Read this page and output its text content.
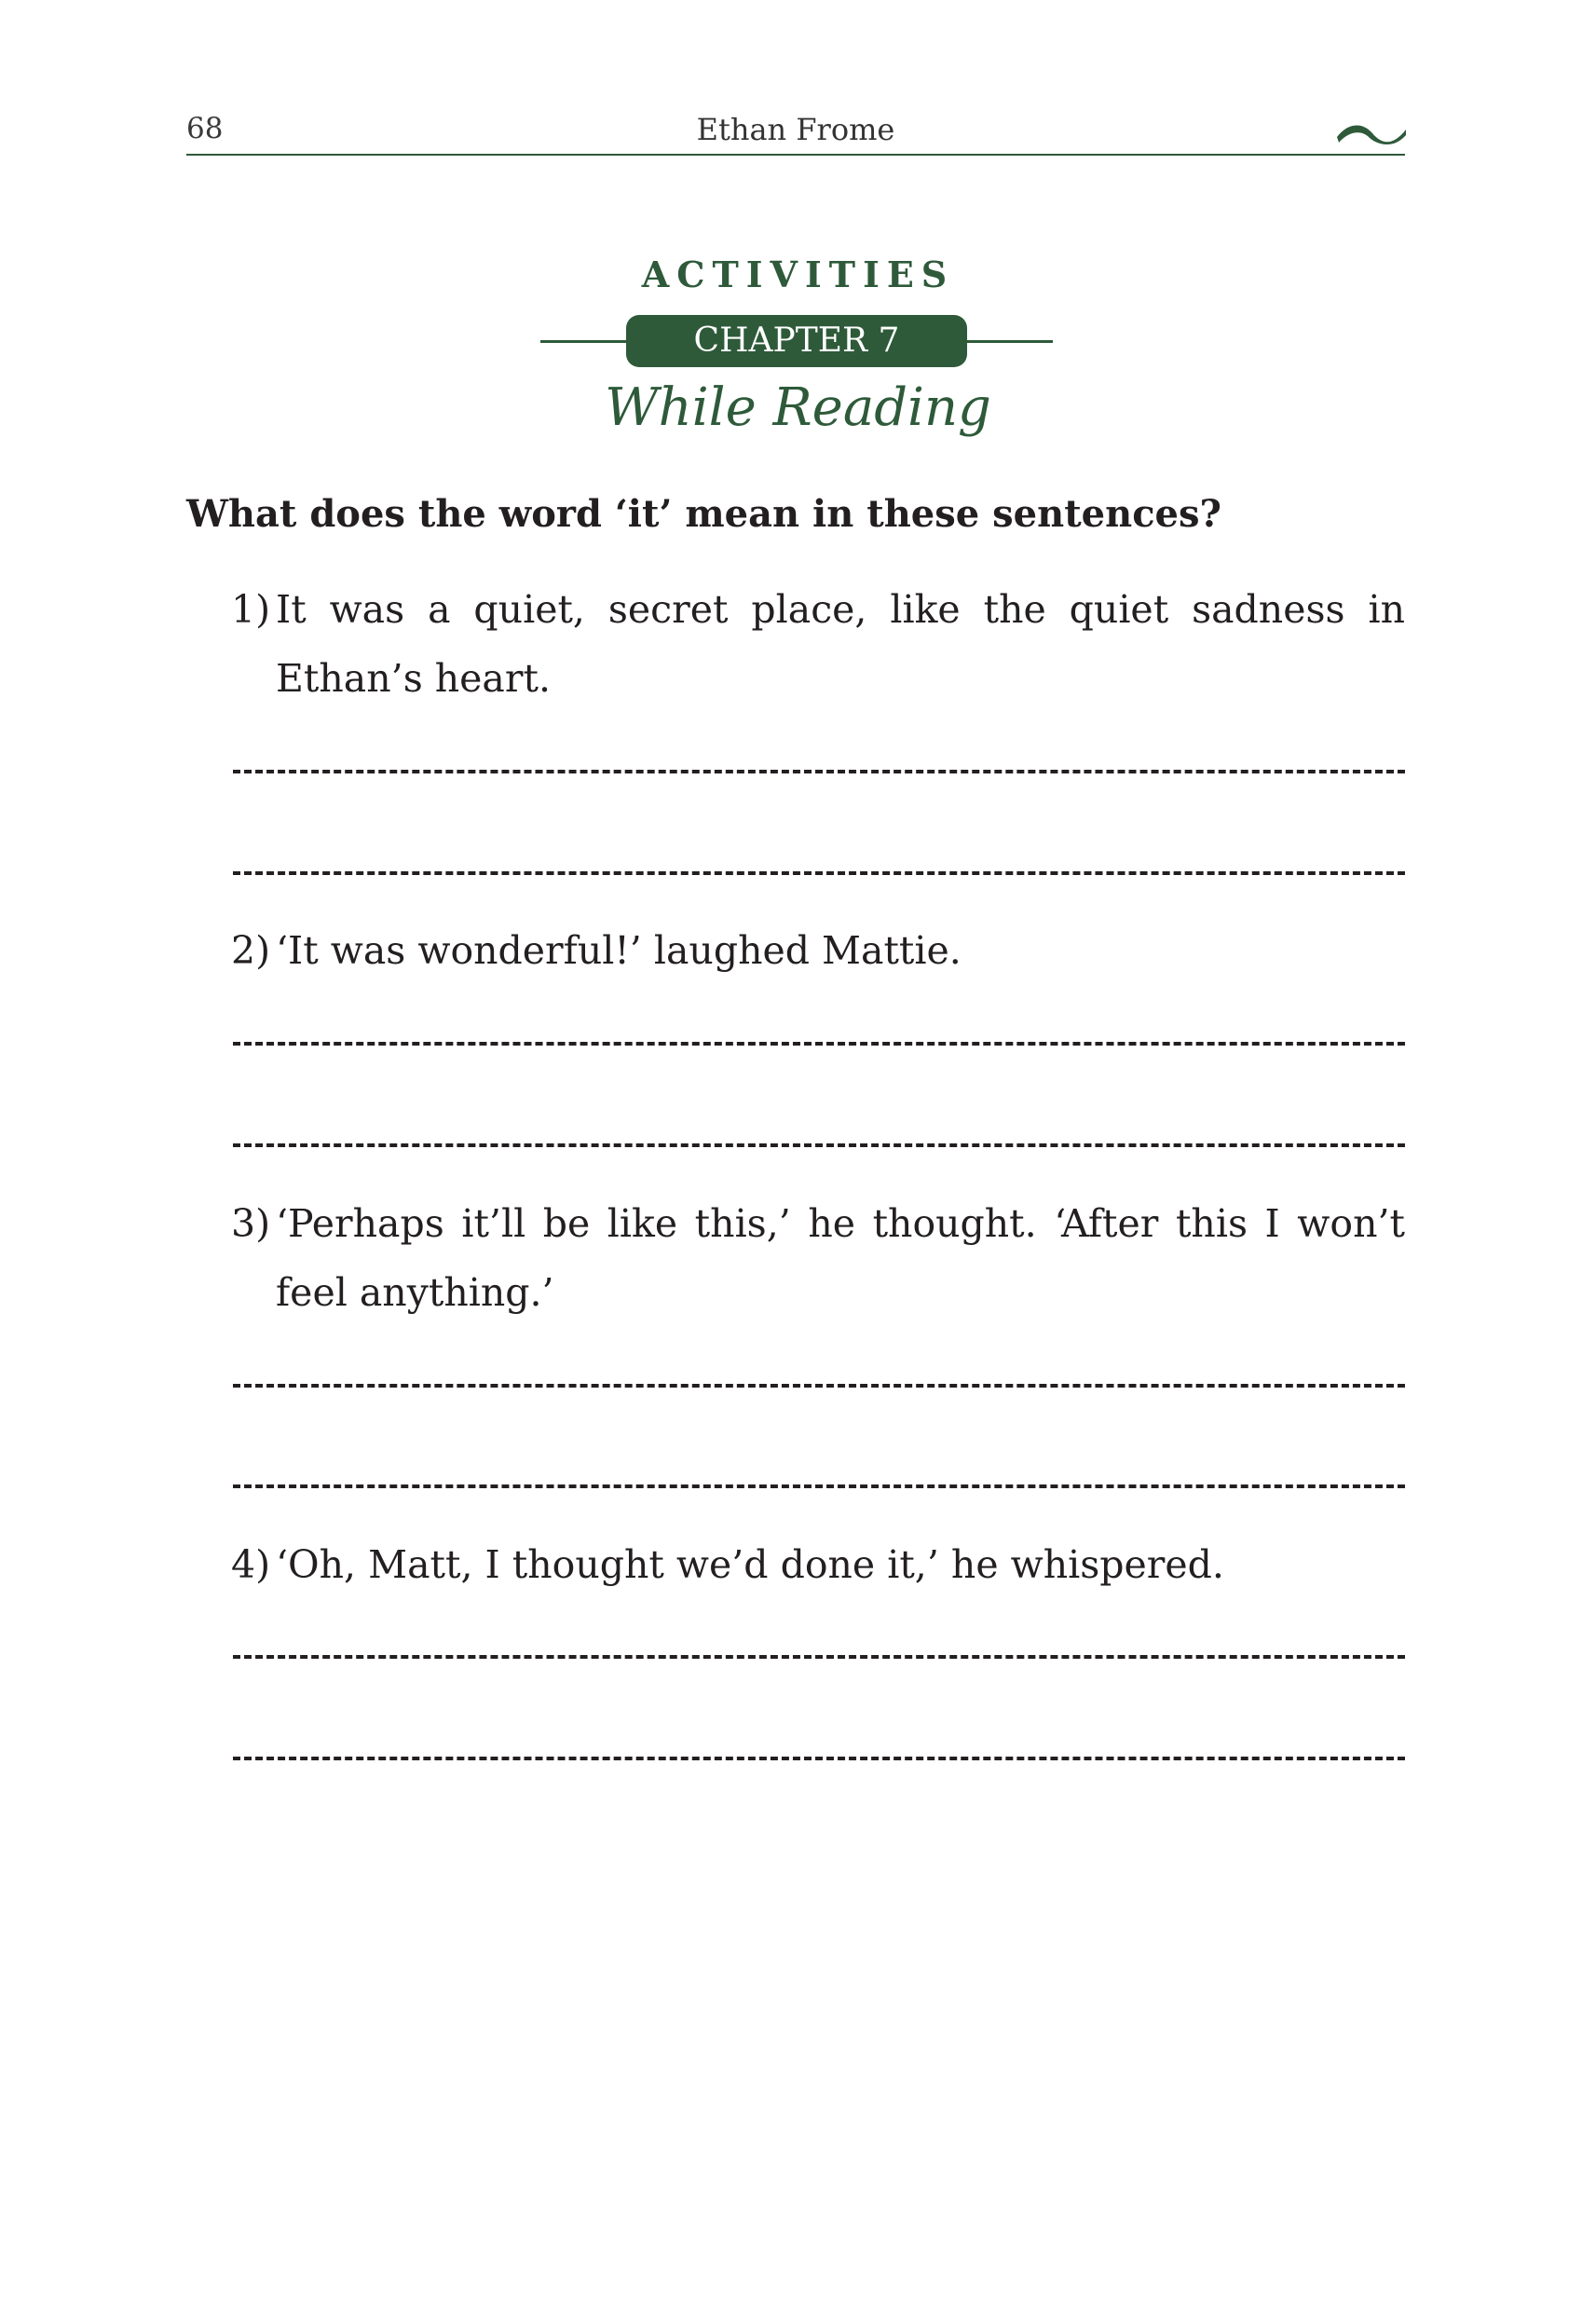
68	Ethan Frome
ACTIVITIES
CHAPTER 7
While Reading
What does the word ‘it’ mean in these sentences?
1) It was a quiet, secret place, like the quiet sadness in Ethan’s heart.
2) ‘It was wonderful!’ laughed Mattie.
3) ‘Perhaps it’ll be like this,’ he thought. ‘After this I won’t feel anything.’
4) ‘Oh, Matt, I thought we’d done it,’ he whispered.
